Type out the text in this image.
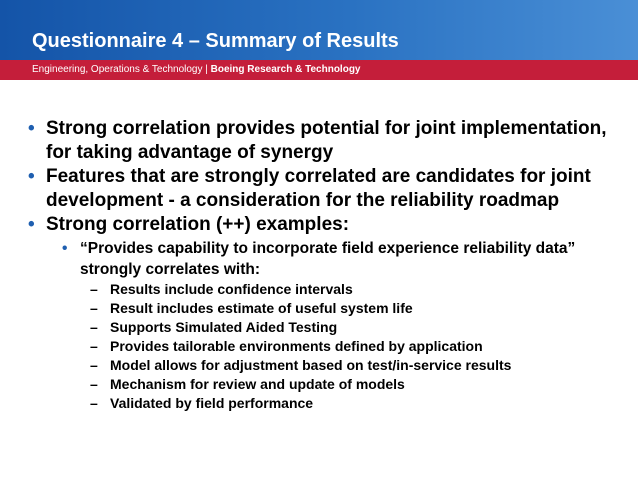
Questionnaire 4 – Summary of Results
Engineering, Operations & Technology | Boeing Research & Technology
• Strong correlation provides potential for joint implementation, for taking advantage of synergy
• Features that are strongly correlated are candidates for joint development - a consideration for the reliability roadmap
• Strong correlation (++) examples:
• “Provides capability to incorporate field experience reliability data” strongly correlates with:
– Results include confidence intervals
– Result includes estimate of useful system life
– Supports Simulated Aided Testing
– Provides tailorable environments defined by application
– Model allows for adjustment based on test/in-service results
– Mechanism for review and update of models
– Validated by field performance
